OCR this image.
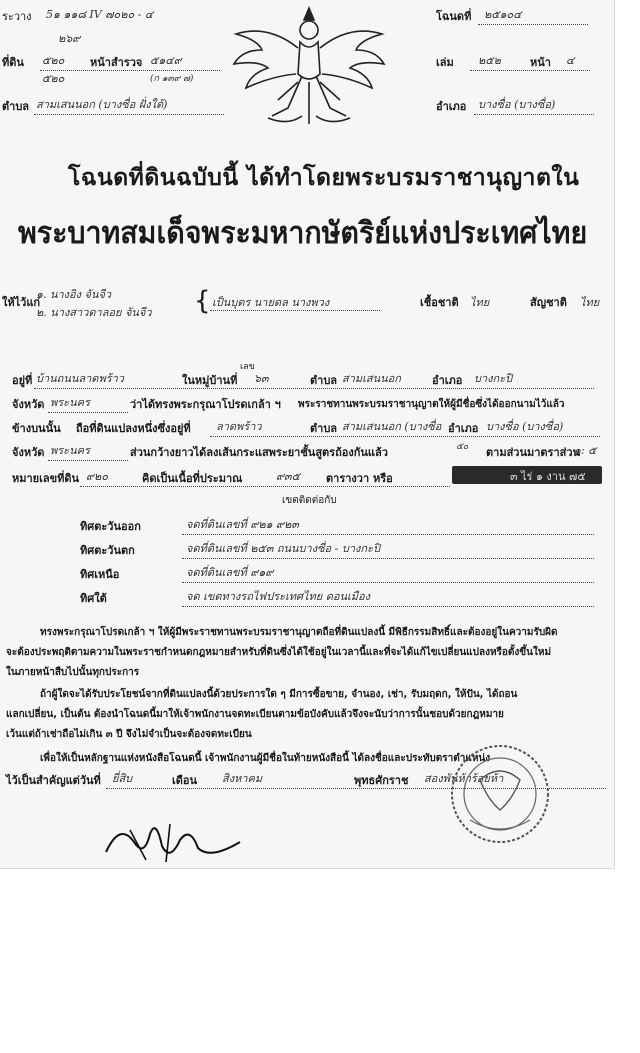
ระวาง 5๑ ๑๑๘ IV ๗๐๒๐ - ๔
๒๖๙
ที่ดิน ๕๒๐ หน้าสำรวจ ๕๑๔๙
๕๒๐	(ก ๑๓๙ ๗)
ตำบล สามเสนนอก (บางซื่อ ฝั่งใต้)
โฉนดที่ ๒๕๑๐๔
เล่ม ๒๕๒	หน้า ๔
อำเภอ บางซื่อ (บางซื่อ)
โฉนดที่ดินฉบับนี้ ได้ทำโดยพระบรมราชานุญาตใน
พระบาทสมเด็จพระมหากษัตริย์แห่งประเทศไทย
ให้ไว้แก่
๑. นางอิง จันจีว
๒. นางสาวดาลอย จันจีว { เป็นบุตร นายดล นางพวง	เชื้อชาติ ไทย	สัญชาติ ไทย
อยู่ที่ บ้านถนนลาดพร้าว	ในหมู่บ้านที่
เลข
๖๓	ตำบล สามเสนนอก	อำเภอ บางกะปิ
จังหวัด พระนคร	ว่าได้ทรงพระกรุณาโปรดเกล้า ฯ พระราชทานพระบรมราชานุญาตให้ผู้มีชื่อซึ่งได้ออกนามไว้แล้ว
ข้างบนนั้น ถือที่ดินแปลงหนึ่งซึ่งอยู่ที่ ลาดพร้าว	ตำบล สามเสนนอก (บางซื่อ อำเภอ บางซื่อ (บางซื่อ)
จังหวัด พระนคร	ส่วนกว้างยาวได้ลงเส้นกระแสพระยาชั้นสูตรถ้องกันแล้ว	๕๐ ตามส่วนมาตราส่วน
๑: ๕
หมายเลขที่ดิน ๙๒๐	คิดเป็นเนื้อที่ประมาณ	๙๓๕ ตารางวา หรือ	๓ ไร่ ๑ งาน ๗๕
เขตติดต่อกับ
ทิศตะวันออก	จดที่ดินเลขที่ ๙๒๑ ๙๒๓
ทิศตะวันตก	จดที่ดินเลขที่ ๒๕๓ ถนนบางซื่อ - บางกะปิ
ทิศเหนือ	จดที่ดินเลขที่ ๙๑๙
ทิศใต้	จด เขตทางรถไฟประเทศไทย ดอนเมือง
ทรงพระกรุณาโปรดเกล้า ฯ ให้ผู้มีพระราชทานพระบรมราชานุญาตถือที่ดินแปลงนี้ มีพิธีกรรมสิทธิ์และต้องอยู่ในความรับผิด
จะต้องประพฤติตามความในพระราชกำหนดกฎหมายสำหรับที่ดินซึ่งได้ใช้อยู่ในเวลานี้และที่จะได้แก้ไขเปลี่ยนแปลงหรือตั้งขึ้นใหม่
ในภายหน้าสืบไปนั้นทุกประการ
ถ้าผู้ใดจะได้รับประโยชน์จากที่ดินแปลงนี้ด้วยประการใด ๆ มีการซื้อขาย, จำนอง, เช่า, รับมฤดก, ให้ปัน, ได้ถอน
แลกเปลี่ยน, เป็นต้น ต้องนำโฉนดนี้มาให้เจ้าพนักงานจดทะเบียนตามข้อบังคับแล้วจึงจะนับว่าการนั้นชอบด้วยกฎหมาย
เว้นแต่ถ้าเช่าถือไม่เกิน ๓ ปี จึงไม่จำเป็นจะต้องจดทะเบียน
เพื่อให้เป็นหลักฐานแห่งหนังสือโฉนดนี้ เจ้าพนักงานผู้มีชื่อในท้ายหนังสือนี้ ได้ลงชื่อและประทับตราตำแหน่ง
ไว้เป็นสำคัญแต่วันที่ ยี่สิบ	เดือน สิงหาคม	พุทธศักราช สองพันห้าร้อยห้า
